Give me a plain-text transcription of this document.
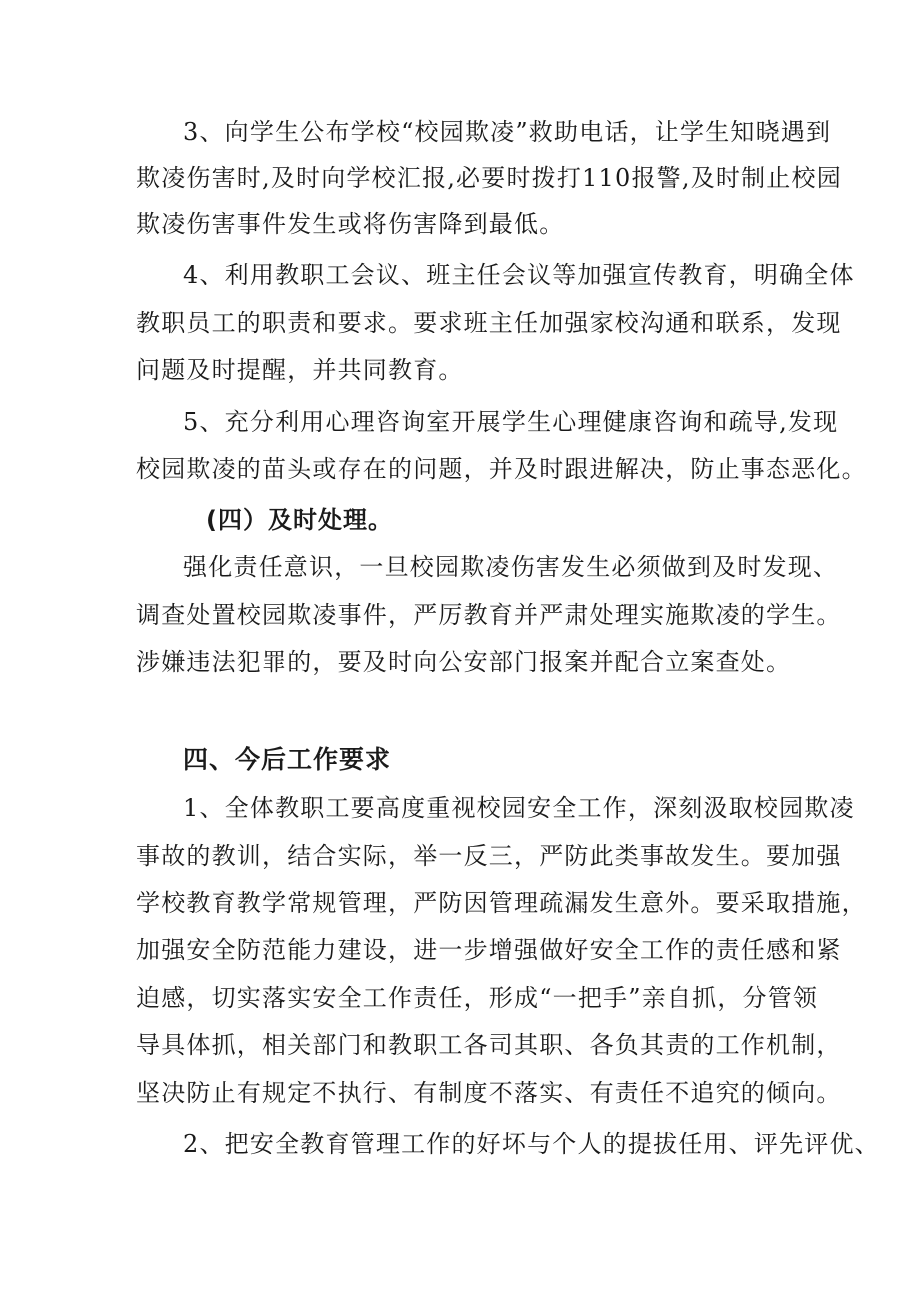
3、向学生公布学校“校园欺凌”救助电话，让学生知晓遇到
欺凌伤害时,及时向学校汇报,必要时拨打110报警,及时制止校园
欺凌伤害事件发生或将伤害降到最低。
4、利用教职工会议、班主任会议等加强宣传教育，明确全体
教职员工的职责和要求。要求班主任加强家校沟通和联系，发现
问题及时提醒，并共同教育。
5、充分利用心理咨询室开展学生心理健康咨询和疏导,发现
校园欺凌的苗头或存在的问题，并及时跟进解决，防止事态恶化。
(四）及时处理。
强化责任意识，一旦校园欺凌伤害发生必须做到及时发现、
调查处置校园欺凌事件，严厉教育并严肃处理实施欺凌的学生。
涉嫌违法犯罪的，要及时向公安部门报案并配合立案查处。
四、今后工作要求
1、全体教职工要高度重视校园安全工作，深刻汲取校园欺凌
事故的教训，结合实际，举一反三，严防此类事故发生。要加强
学校教育教学常规管理，严防因管理疏漏发生意外。要采取措施，
加强安全防范能力建设，进一步增强做好安全工作的责任感和紧
迫感，切实落实安全工作责任，形成“一把手”亲自抓，分管领
导具体抓，相关部门和教职工各司其职、各负其责的工作机制，
坚决防止有规定不执行、有制度不落实、有责任不追究的倾向。
2、把安全教育管理工作的好坏与个人的提拔任用、评先评优、
